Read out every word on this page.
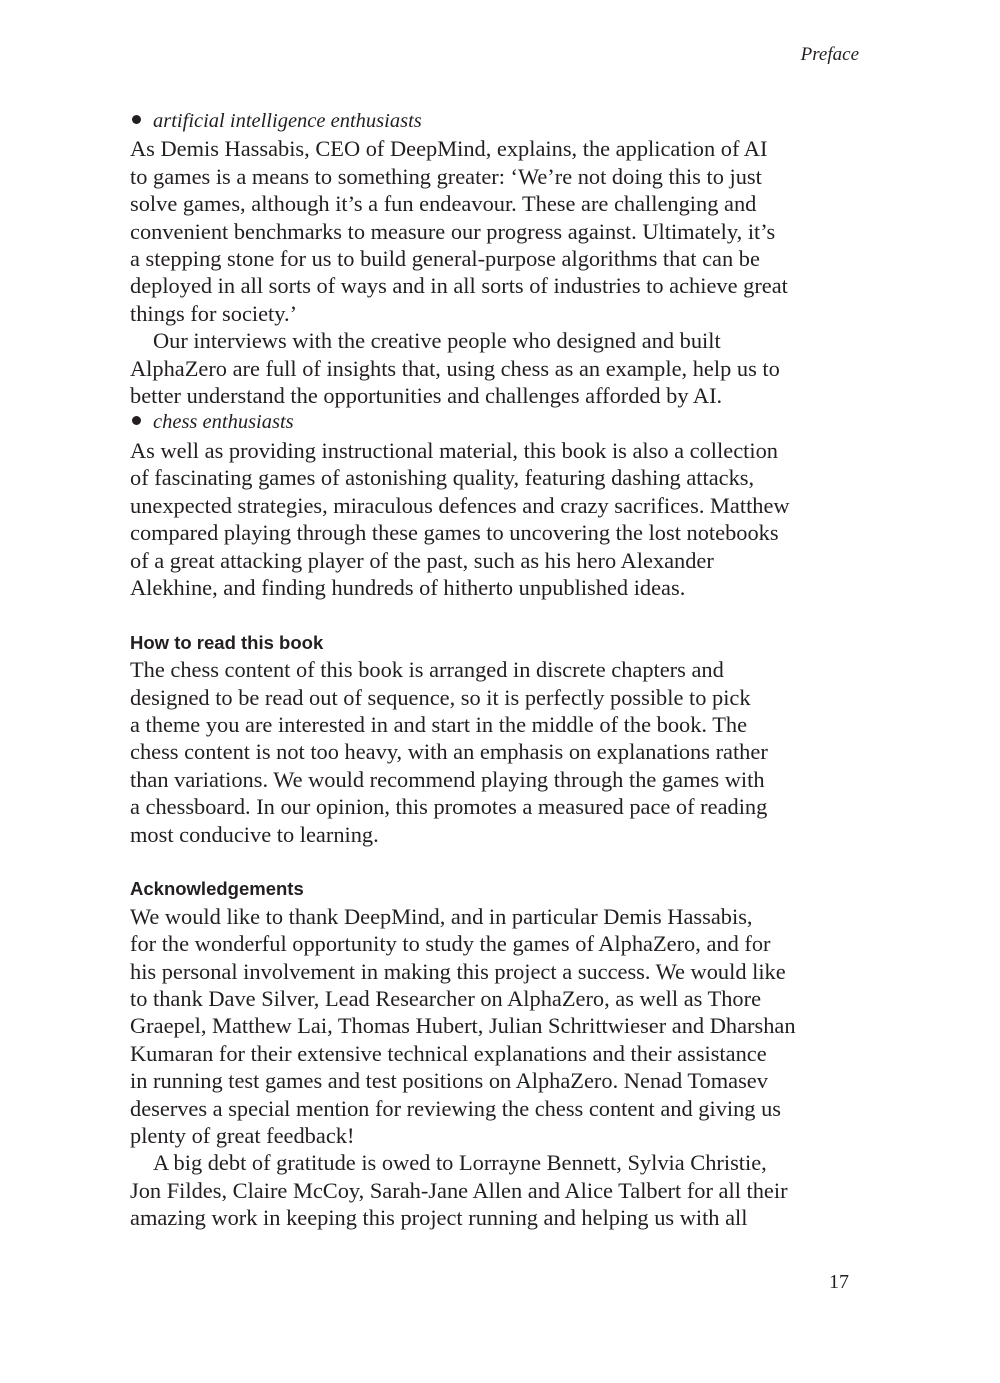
Preface
artificial intelligence enthusiasts
As Demis Hassabis, CEO of DeepMind, explains, the application of AI
to games is a means to something greater: ‘We’re not doing this to just
solve games, although it’s a fun endeavour. These are challenging and
convenient benchmarks to measure our progress against. Ultimately, it’s
a stepping stone for us to build general-purpose algorithms that can be
deployed in all sorts of ways and in all sorts of industries to achieve great
things for society.’
Our interviews with the creative people who designed and built
AlphaZero are full of insights that, using chess as an example, help us to
better understand the opportunities and challenges afforded by AI.
chess enthusiasts
As well as providing instructional material, this book is also a collection
of fascinating games of astonishing quality, featuring dashing attacks,
unexpected strategies, miraculous defences and crazy sacrifices. Matthew
compared playing through these games to uncovering the lost notebooks
of a great attacking player of the past, such as his hero Alexander
Alekhine, and finding hundreds of hitherto unpublished ideas.
How to read this book
The chess content of this book is arranged in discrete chapters and
designed to be read out of sequence, so it is perfectly possible to pick
a theme you are interested in and start in the middle of the book. The
chess content is not too heavy, with an emphasis on explanations rather
than variations. We would recommend playing through the games with
a chessboard. In our opinion, this promotes a measured pace of reading
most conducive to learning.
Acknowledgements
We would like to thank DeepMind, and in particular Demis Hassabis,
for the wonderful opportunity to study the games of AlphaZero, and for
his personal involvement in making this project a success. We would like
to thank Dave Silver, Lead Researcher on AlphaZero, as well as Thore
Graepel, Matthew Lai, Thomas Hubert, Julian Schrittwieser and Dharshan
Kumaran for their extensive technical explanations and their assistance
in running test games and test positions on AlphaZero. Nenad Tomasev
deserves a special mention for reviewing the chess content and giving us
plenty of great feedback!
A big debt of gratitude is owed to Lorrayne Bennett, Sylvia Christie,
Jon Fildes, Claire McCoy, Sarah-Jane Allen and Alice Talbert for all their
amazing work in keeping this project running and helping us with all
17
